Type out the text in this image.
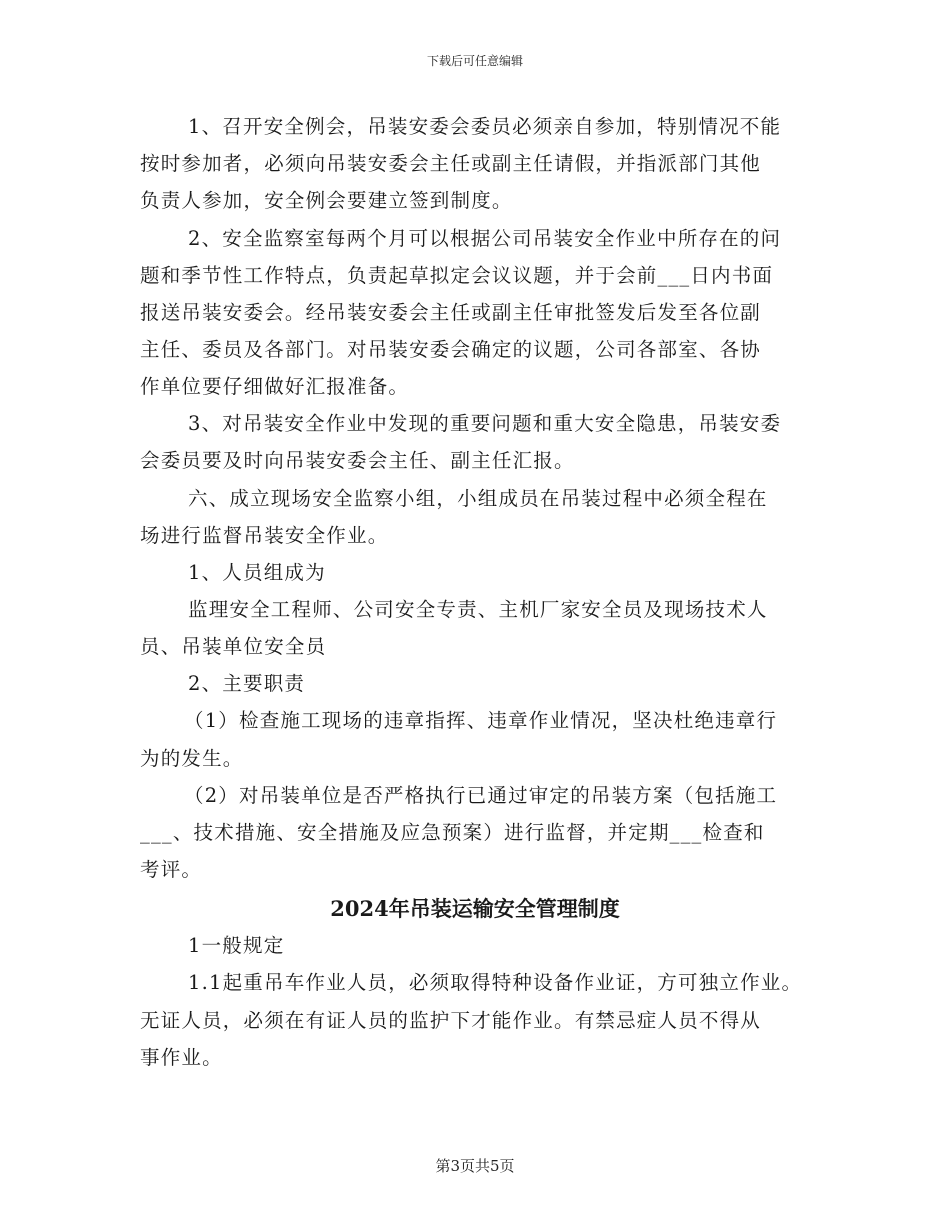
下载后可任意编辑
1、召开安全例会，吊装安委会委员必须亲自参加，特别情况不能
按时参加者，必须向吊装安委会主任或副主任请假，并指派部门其他
负责人参加，安全例会要建立签到制度。
2、安全监察室每两个月可以根据公司吊装安全作业中所存在的问
题和季节性工作特点，负责起草拟定会议议题，并于会前___日内书面
报送吊装安委会。经吊装安委会主任或副主任审批签发后发至各位副
主任、委员及各部门。对吊装安委会确定的议题，公司各部室、各协
作单位要仔细做好汇报准备。
3、对吊装安全作业中发现的重要问题和重大安全隐患，吊装安委
会委员要及时向吊装安委会主任、副主任汇报。
六、成立现场安全监察小组，小组成员在吊装过程中必须全程在
场进行监督吊装安全作业。
1、人员组成为
监理安全工程师、公司安全专责、主机厂家安全员及现场技术人
员、吊装单位安全员
2、主要职责
（1）检查施工现场的违章指挥、违章作业情况，坚决杜绝违章行
为的发生。
（2）对吊装单位是否严格执行已通过审定的吊装方案（包括施工
___、技术措施、安全措施及应急预案）进行监督，并定期___检查和
考评。
2024年吊装运输安全管理制度
1一般规定
1.1起重吊车作业人员，必须取得特种设备作业证，方可独立作业。
无证人员，必须在有证人员的监护下才能作业。有禁忌症人员不得从
事作业。
第3页共5页
